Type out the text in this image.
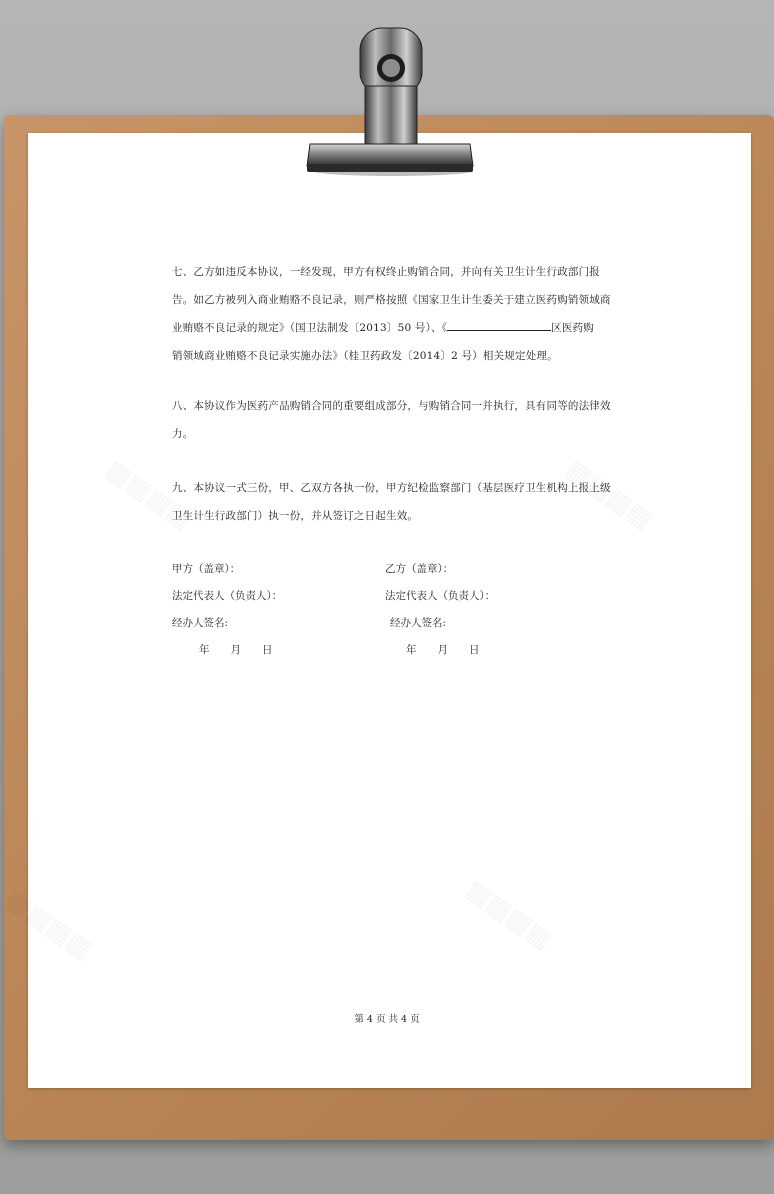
七、乙方如违反本协议，一经发现，甲方有权终止购销合同，并向有关卫生计生行政部门报
告。如乙方被列入商业贿赂不良记录，则严格按照《国家卫生计生委关于建立医药购销领域商
业贿赂不良记录的规定》（国卫法制发〔2013〕50 号）、《	区医药购
销领域商业贿赂不良记录实施办法》（桂卫药政发〔2014〕2 号）相关规定处理。
八、本协议作为医药产品购销合同的重要组成部分，与购销合同一并执行，具有同等的法律效
力。
九、本协议一式三份，甲、乙双方各执一份，甲方纪检监察部门（基层医疗卫生机构上报上级
卫生计生行政部门）执一份，并从签订之日起生效。
甲方（盖章）：	乙方（盖章）：
法定代表人（负责人）：	法定代表人（负责人）：
经办人签名:	经办人签名:
年　　月　　日	年　　月　　日
第 4 页 共 4 页
